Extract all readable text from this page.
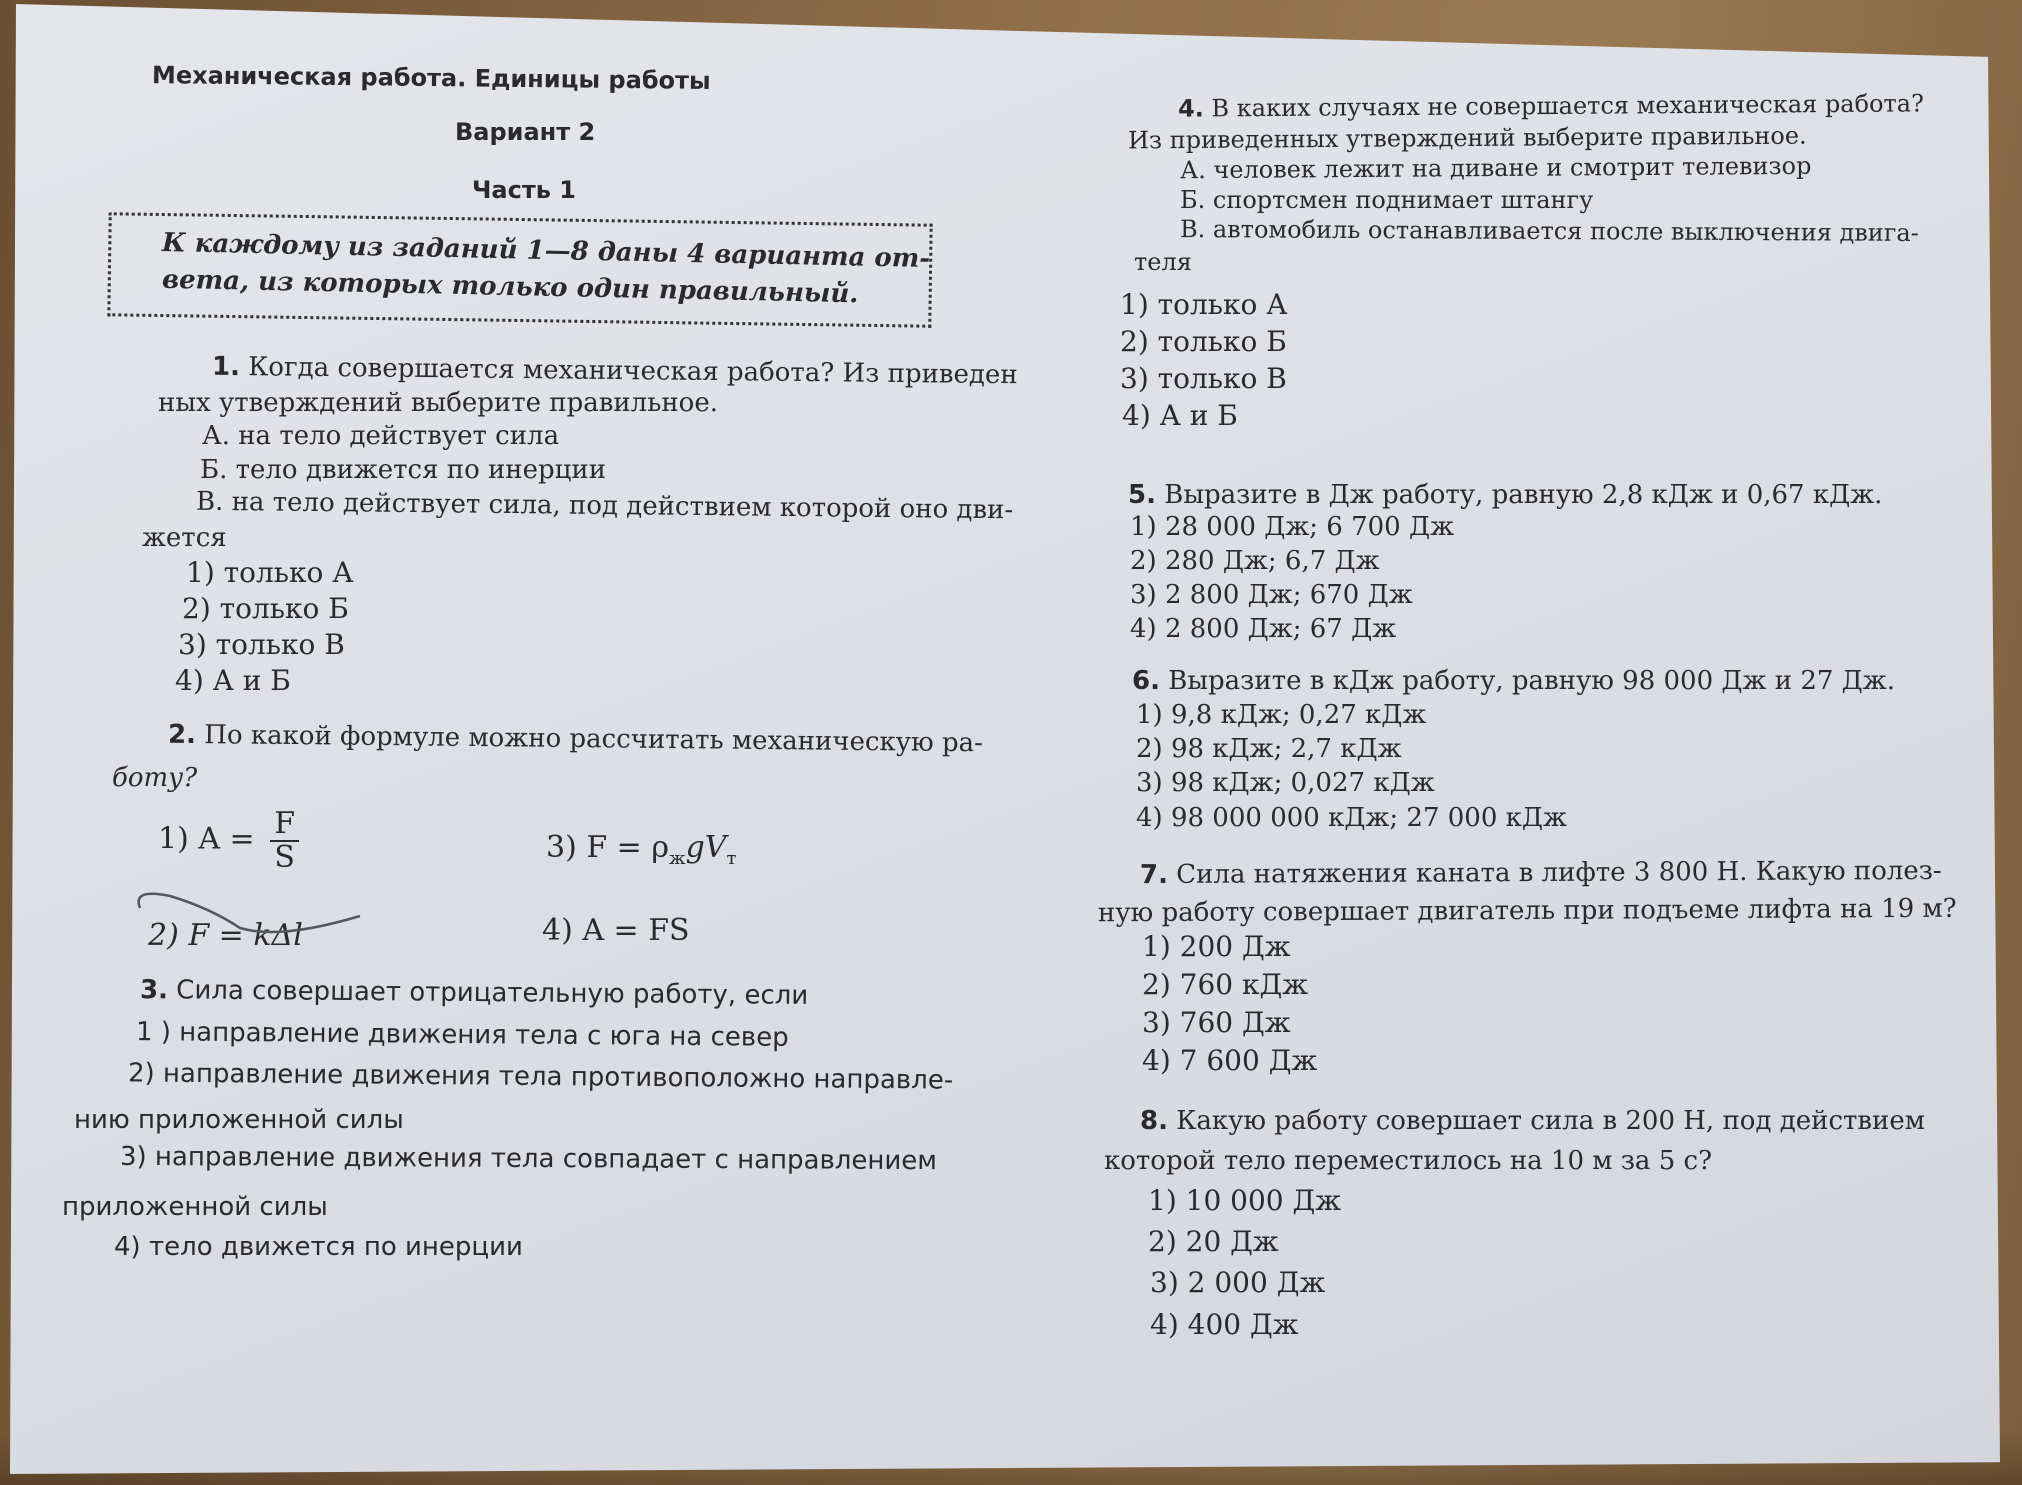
Механическая работа. Единицы работы
Вариант 2
Часть 1
К каждому из заданий 1—8 даны 4 варианта от-
вета, из которых только один правильный.
1. Когда совершается механическая работа? Из приведен
ных утверждений выберите правильное.
А. на тело действует сила
Б. тело движется по инерции
В. на тело действует сила, под действием которой оно дви-
жется
1) только А
2) только Б
3) только В
4) А и Б
2. По какой формуле можно рассчитать механическую ра-
боту?
1) $A = \frac{F}{S}$
2) F = kΔl
3) $F = \rho_жgV_т$
4) A = FS
3. Сила совершает отрицательную работу, если
1 ) направление движения тела с юга на север
2) направление движения тела противоположно направле-
нию приложенной силы
3) направление движения тела совпадает с направлением
приложенной силы
4) тело движется по инерции
4. В каких случаях не совершается механическая работа?
Из приведенных утверждений выберите правильное.
А. человек лежит на диване и смотрит телевизор
Б. спортсмен поднимает штангу
В. автомобиль останавливается после выключения двига-
теля
1) только А
2) только Б
3) только В
4) А и Б
5. Выразите в Дж работу, равную 2,8 кДж и 0,67 кДж.
1) 28 000 Дж; 6 700 Дж
2) 280 Дж; 6,7 Дж
3) 2 800 Дж; 670 Дж
4) 2 800 Дж; 67 Дж
6. Выразите в кДж работу, равную 98 000 Дж и 27 Дж.
1) 9,8 кДж; 0,27 кДж
2) 98 кДж; 2,7 кДж
3) 98 кДж; 0,027 кДж
4) 98 000 000 кДж; 27 000 кДж
7. Сила натяжения каната в лифте 3 800 Н. Какую полез-
ную работу совершает двигатель при подъеме лифта на 19 м?
1) 200 Дж
2) 760 кДж
3) 760 Дж
4) 7 600 Дж
8. Какую работу совершает сила в 200 Н, под действием
которой тело переместилось на 10 м за 5 с?
1) 10 000 Дж
2) 20 Дж
3) 2 000 Дж
4) 400 Дж
